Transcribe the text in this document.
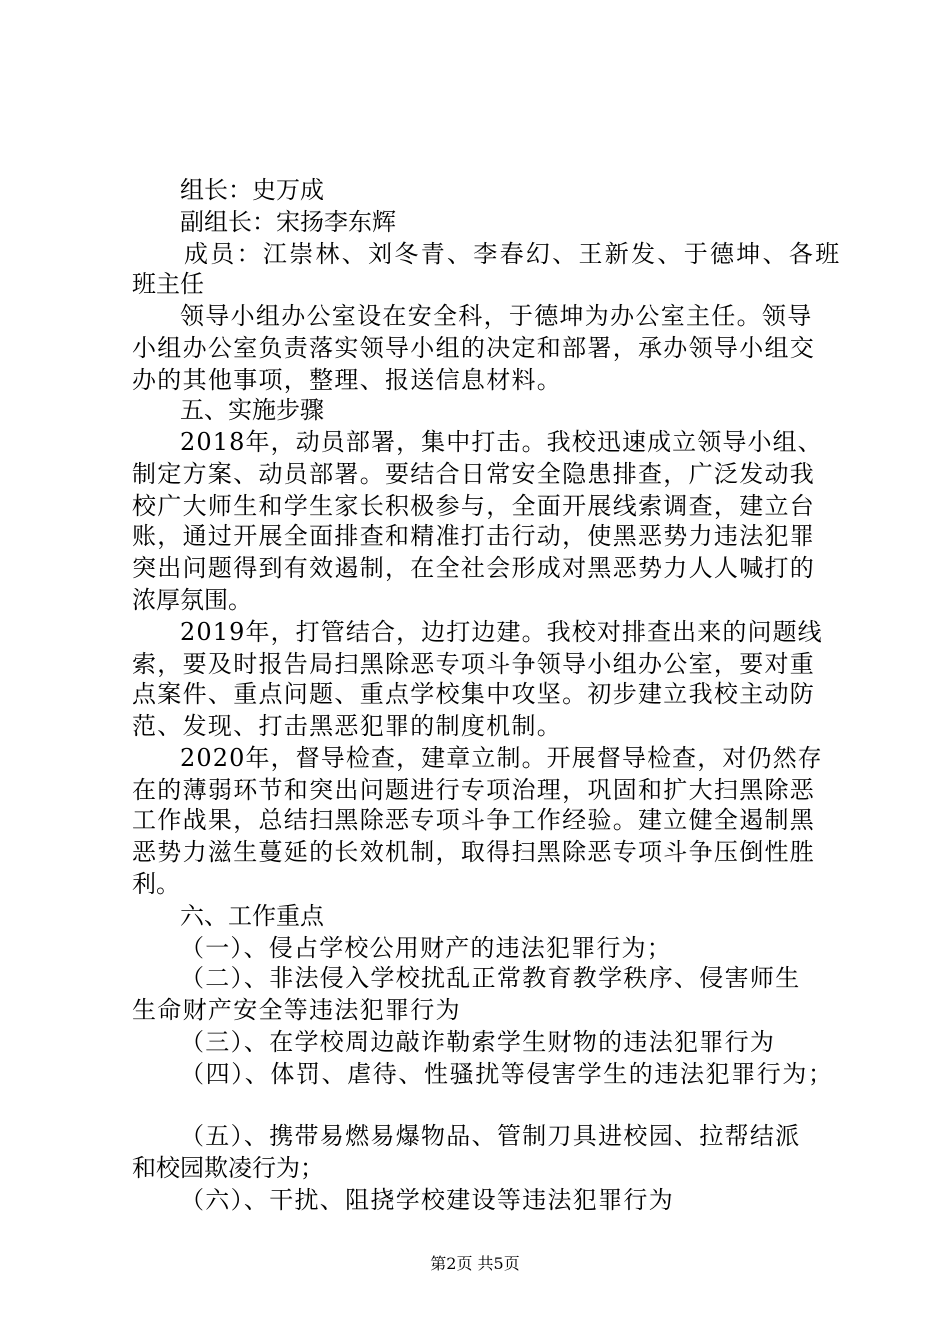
组长：史万成

副组长：宋扬李东辉

成员：江崇林、刘冬青、李春幻、王新发、于德坤、各班

班主任

领导小组办公室设在安全科，于德坤为办公室主任。领导

小组办公室负责落实领导小组的决定和部署，承办领导小组交

办的其他事项，整理、报送信息材料。

五、实施步骤

2018年，动员部署，集中打击。我校迅速成立领导小组、

制定方案、动员部署。要结合日常安全隐患排查，广泛发动我

校广大师生和学生家长积极参与，全面开展线索调查，建立台

账，通过开展全面排查和精准打击行动，使黑恶势力违法犯罪

突出问题得到有效遏制，在全社会形成对黑恶势力人人喊打的

浓厚氛围。

2019年，打管结合，边打边建。我校对排查出来的问题线

索，要及时报告局扫黑除恶专项斗争领导小组办公室，要对重

点案件、重点问题、重点学校集中攻坚。初步建立我校主动防

范、发现、打击黑恶犯罪的制度机制。

2020年，督导检查，建章立制。开展督导检查，对仍然存

在的薄弱环节和突出问题进行专项治理，巩固和扩大扫黑除恶

工作战果，总结扫黑除恶专项斗争工作经验。建立健全遏制黑

恶势力滋生蔓延的长效机制，取得扫黑除恶专项斗争压倒性胜

利。

六、工作重点

（一）、侵占学校公用财产的违法犯罪行为；

（二）、非法侵入学校扰乱正常教育教学秩序、侵害师生

生命财产安全等违法犯罪行为

（三）、在学校周边敲诈勒索学生财物的违法犯罪行为

（四）、体罚、虐待、性骚扰等侵害学生的违法犯罪行为；

（五）、携带易燃易爆物品、管制刀具进校园、拉帮结派

和校园欺凌行为；

（六）、干扰、阻挠学校建设等违法犯罪行为

第2页 共5页
